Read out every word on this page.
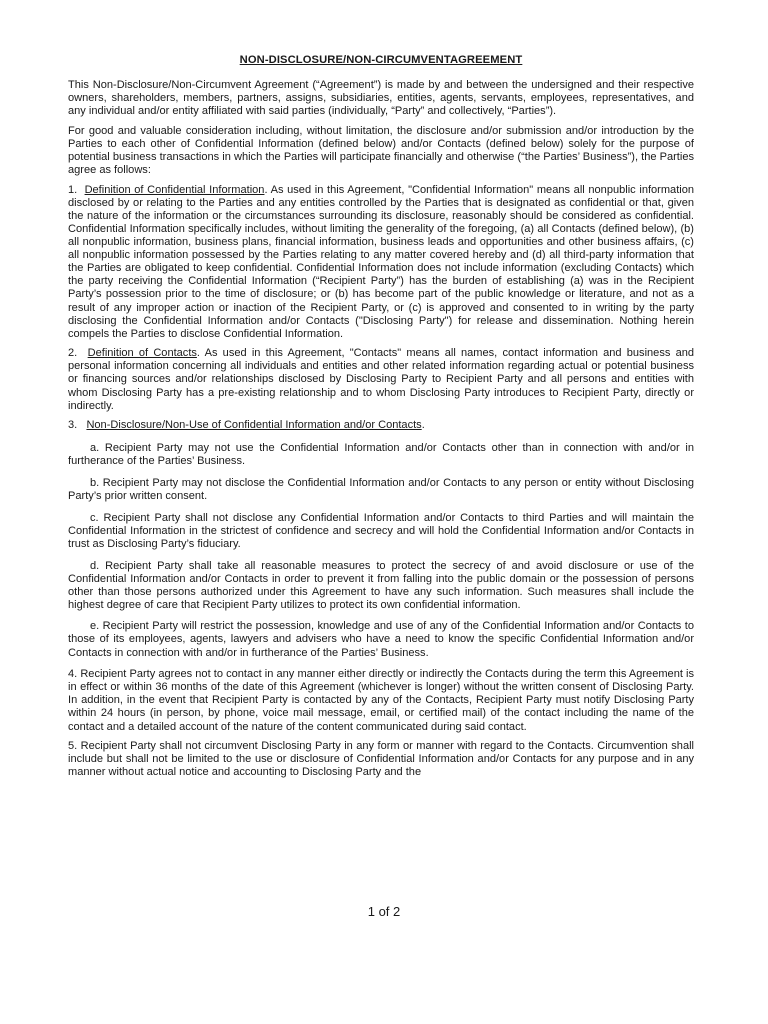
NON-DISCLOSURE/NON-CIRCUMVENTAGREEMENT

This Non-Disclosure/Non-Circumvent Agreement (“Agreement”) is made by and between the undersigned and their respective owners, shareholders, members, partners, assigns, subsidiaries, entities, agents, servants, employees, representatives, and any individual and/or entity affiliated with said parties (individually, “Party” and collectively, “Parties”).

For good and valuable consideration including, without limitation, the disclosure and/or submission and/or introduction by the Parties to each other of Confidential Information (defined below) and/or Contacts (defined below) solely for the purpose of potential business transactions in which the Parties will participate financially and otherwise (“the Parties’ Business”), the Parties agree as follows:

1. Definition of Confidential Information. As used in this Agreement, "Confidential Information" means all nonpublic information disclosed by or relating to the Parties and any entities controlled by the Parties that is designated as confidential or that, given the nature of the information or the circumstances surrounding its disclosure, reasonably should be considered as confidential. Confidential Information specifically includes, without limiting the generality of the foregoing, (a) all Contacts (defined below), (b) all nonpublic information, business plans, financial information, business leads and opportunities and other business affairs, (c) all nonpublic information possessed by the Parties relating to any matter covered hereby and (d) all third-party information that the Parties are obligated to keep confidential. Confidential Information does not include information (excluding Contacts) which the party receiving the Confidential Information (“Recipient Party”) has the burden of establishing (a) was in the Recipient Party’s possession prior to the time of disclosure; or (b) has become part of the public knowledge or literature, and not as a result of any improper action or inaction of the Recipient Party, or (c) is approved and consented to in writing by the party disclosing the Confidential Information and/or Contacts ("Disclosing Party") for release and dissemination. Nothing herein compels the Parties to disclose Confidential Information.

2. Definition of Contacts. As used in this Agreement, "Contacts" means all names, contact information and business and personal information concerning all individuals and entities and other related information regarding actual or potential business or financing sources and/or relationships disclosed by Disclosing Party to Recipient Party and all persons and entities with whom Disclosing Party has a pre-existing relationship and to whom Disclosing Party introduces to Recipient Party, directly or indirectly.

3. Non-Disclosure/Non-Use of Confidential Information and/or Contacts.

a. Recipient Party may not use the Confidential Information and/or Contacts other than in connection with and/or in furtherance of the Parties’ Business.

b. Recipient Party may not disclose the Confidential Information and/or Contacts to any person or entity without Disclosing Party’s prior written consent.

c. Recipient Party shall not disclose any Confidential Information and/or Contacts to third Parties and will maintain the Confidential Information in the strictest of confidence and secrecy and will hold the Confidential Information and/or Contacts in trust as Disclosing Party’s fiduciary.

d. Recipient Party shall take all reasonable measures to protect the secrecy of and avoid disclosure or use of the Confidential Information and/or Contacts in order to prevent it from falling into the public domain or the possession of persons other than those persons authorized under this Agreement to have any such information. Such measures shall include the highest degree of care that Recipient Party utilizes to protect its own confidential information.

e. Recipient Party will restrict the possession, knowledge and use of any of the Confidential Information and/or Contacts to those of its employees, agents, lawyers and advisers who have a need to know the specific Confidential Information and/or Contacts in connection with and/or in furtherance of the Parties’ Business.

4. Recipient Party agrees not to contact in any manner either directly or indirectly the Contacts during the term this Agreement is in effect or within 36 months of the date of this Agreement (whichever is longer) without the written consent of Disclosing Party. In addition, in the event that Recipient Party is contacted by any of the Contacts, Recipient Party must notify Disclosing Party within 24 hours (in person, by phone, voice mail message, email, or certified mail) of the contact including the name of the contact and a detailed account of the nature of the content communicated during said contact.

5. Recipient Party shall not circumvent Disclosing Party in any form or manner with regard to the Contacts. Circumvention shall include but shall not be limited to the use or disclosure of Confidential Information and/or Contacts for any purpose and in any manner without actual notice and accounting to Disclosing Party and the

1 of 2
